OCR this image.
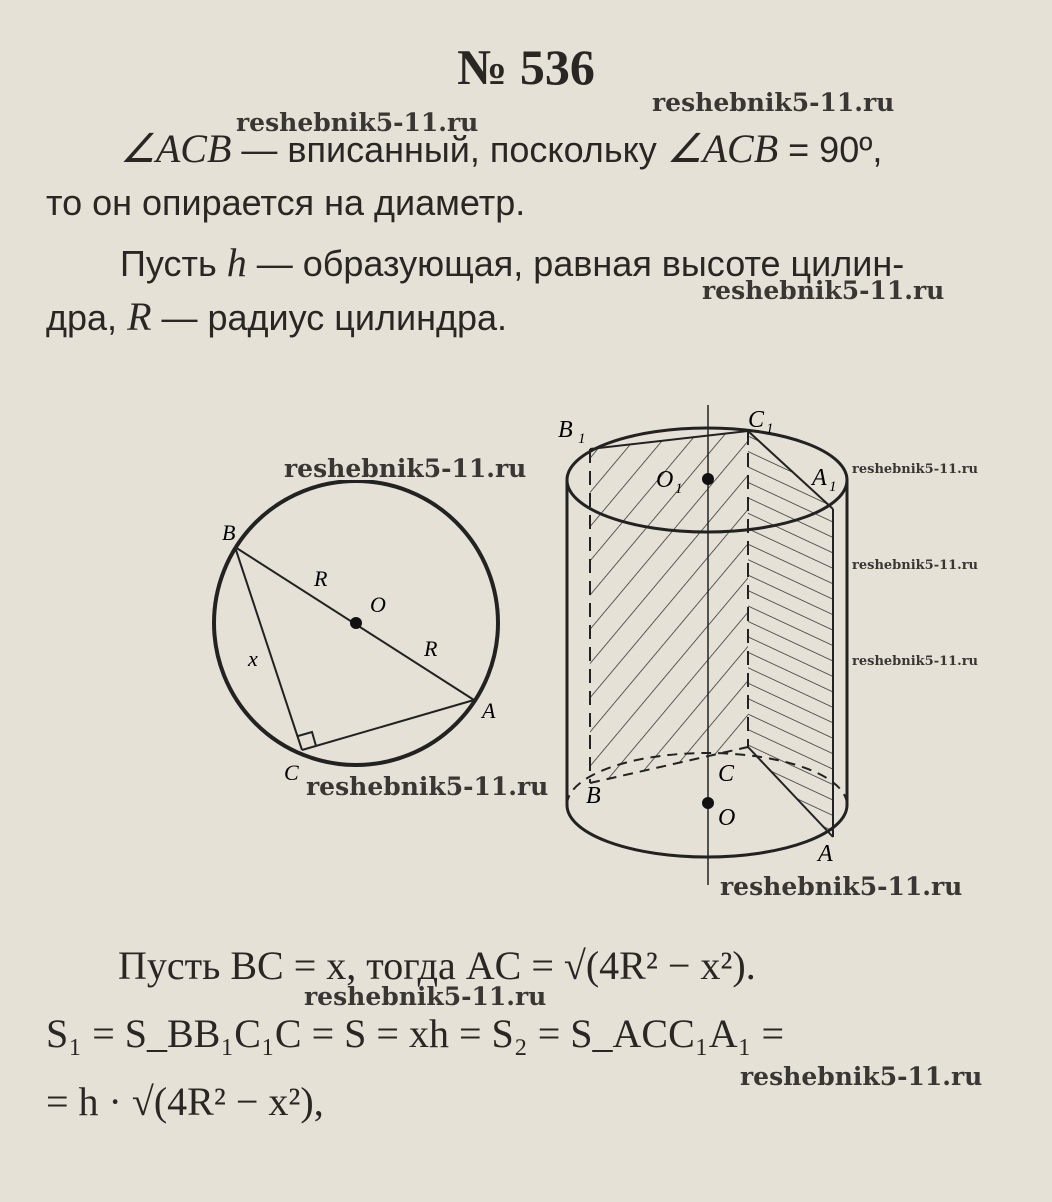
№ 536
reshebnik5-11.ru
reshebnik5-11.ru
reshebnik5-11.ru
reshebnik5-11.ru	reshebnik5-11.ru
reshebnik5-11.ru
reshebnik5-11.ru
reshebnik5-11.ru
reshebnik5-11.ru
reshebnik5-11.ru
reshebnik5-11.ru
∠ACB — вписанный, поскольку ∠ACB = 90º,
то он опирается на диаметр.
Пусть h — образующая, равная высоте цилин-
дра, R — радиус цилиндра.
B
O
R
R
x
A
C
B 1
C 1
O 1	A 1
C
B
O
A
Пусть BC = x, тогда AC = √(4R² − x²).
S₁ = S_BB₁C₁C = S = xh = S₂ = S_ACC₁A₁ =
= h · √(4R² − x²),
